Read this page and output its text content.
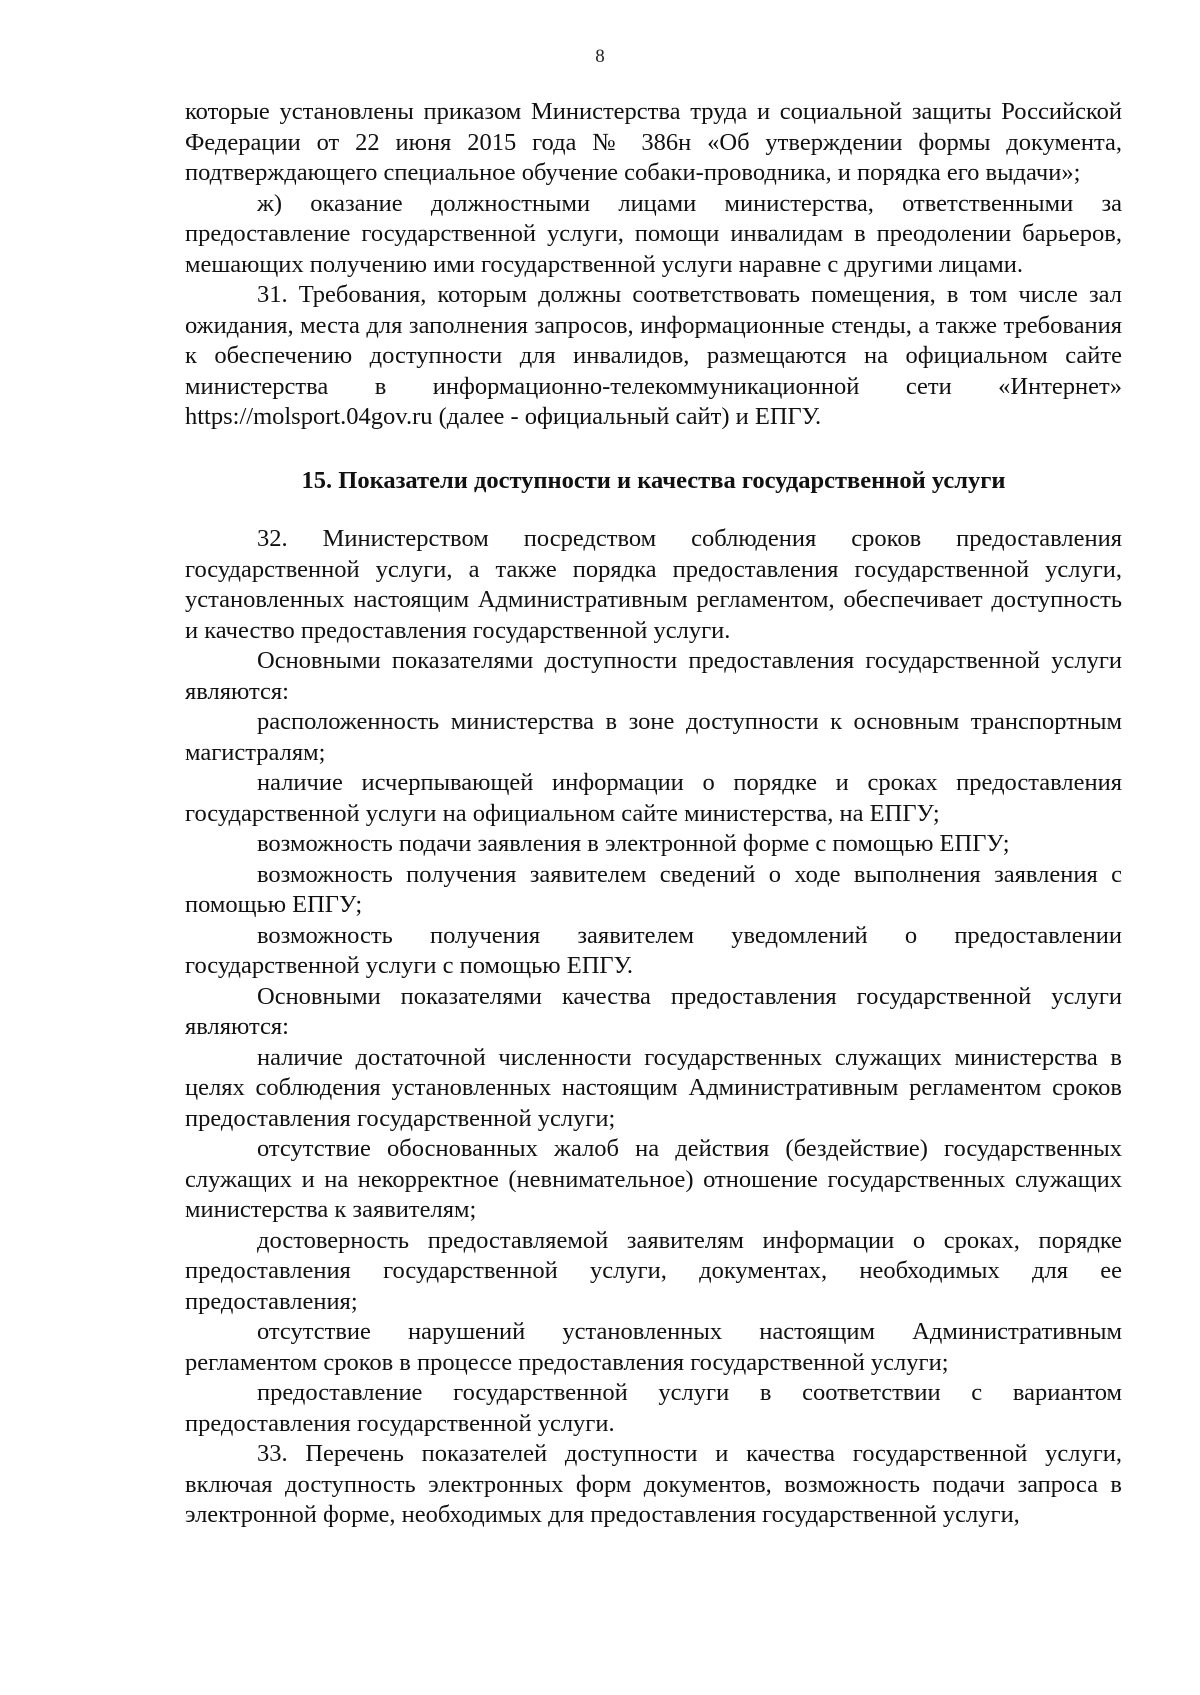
8

которые установлены приказом Министерства труда и социальной защиты Российской Федерации от 22 июня 2015 года № 386н «Об утверждении формы документа, подтверждающего специальное обучение собаки-проводника, и порядка его выдачи»;

ж) оказание должностными лицами министерства, ответственными за предоставление государственной услуги, помощи инвалидам в преодолении барьеров, мешающих получению ими государственной услуги наравне с другими лицами.

31. Требования, которым должны соответствовать помещения, в том числе зал ожидания, места для заполнения запросов, информационные стенды, а также требования к обеспечению доступности для инвалидов, размещаются на официальном сайте министерства в информационно-телекоммуникационной сети «Интернет» https://molsport.04gov.ru (далее - официальный сайт) и ЕПГУ.

15. Показатели доступности и качества государственной услуги

32. Министерством посредством соблюдения сроков предоставления государственной услуги, а также порядка предоставления государственной услуги, установленных настоящим Административным регламентом, обеспечивает доступность и качество предоставления государственной услуги.

Основными показателями доступности предоставления государственной услуги являются:

расположенность министерства в зоне доступности к основным транспортным магистралям;

наличие исчерпывающей информации о порядке и сроках предоставления государственной услуги на официальном сайте министерства, на ЕПГУ;

возможность подачи заявления в электронной форме с помощью ЕПГУ;

возможность получения заявителем сведений о ходе выполнения заявления с помощью ЕПГУ;

возможность получения заявителем уведомлений о предоставлении государственной услуги с помощью ЕПГУ.

Основными показателями качества предоставления государственной услуги являются:

наличие достаточной численности государственных служащих министерства в целях соблюдения установленных настоящим Административным регламентом сроков предоставления государственной услуги;

отсутствие обоснованных жалоб на действия (бездействие) государственных служащих и на некорректное (невнимательное) отношение государственных служащих министерства к заявителям;

достоверность предоставляемой заявителям информации о сроках, порядке предоставления государственной услуги, документах, необходимых для ее предоставления;

отсутствие нарушений установленных настоящим Административным регламентом сроков в процессе предоставления государственной услуги;

предоставление государственной услуги в соответствии с вариантом предоставления государственной услуги.

33. Перечень показателей доступности и качества государственной услуги, включая доступность электронных форм документов, возможность подачи запроса в электронной форме, необходимых для предоставления государственной услуги,
